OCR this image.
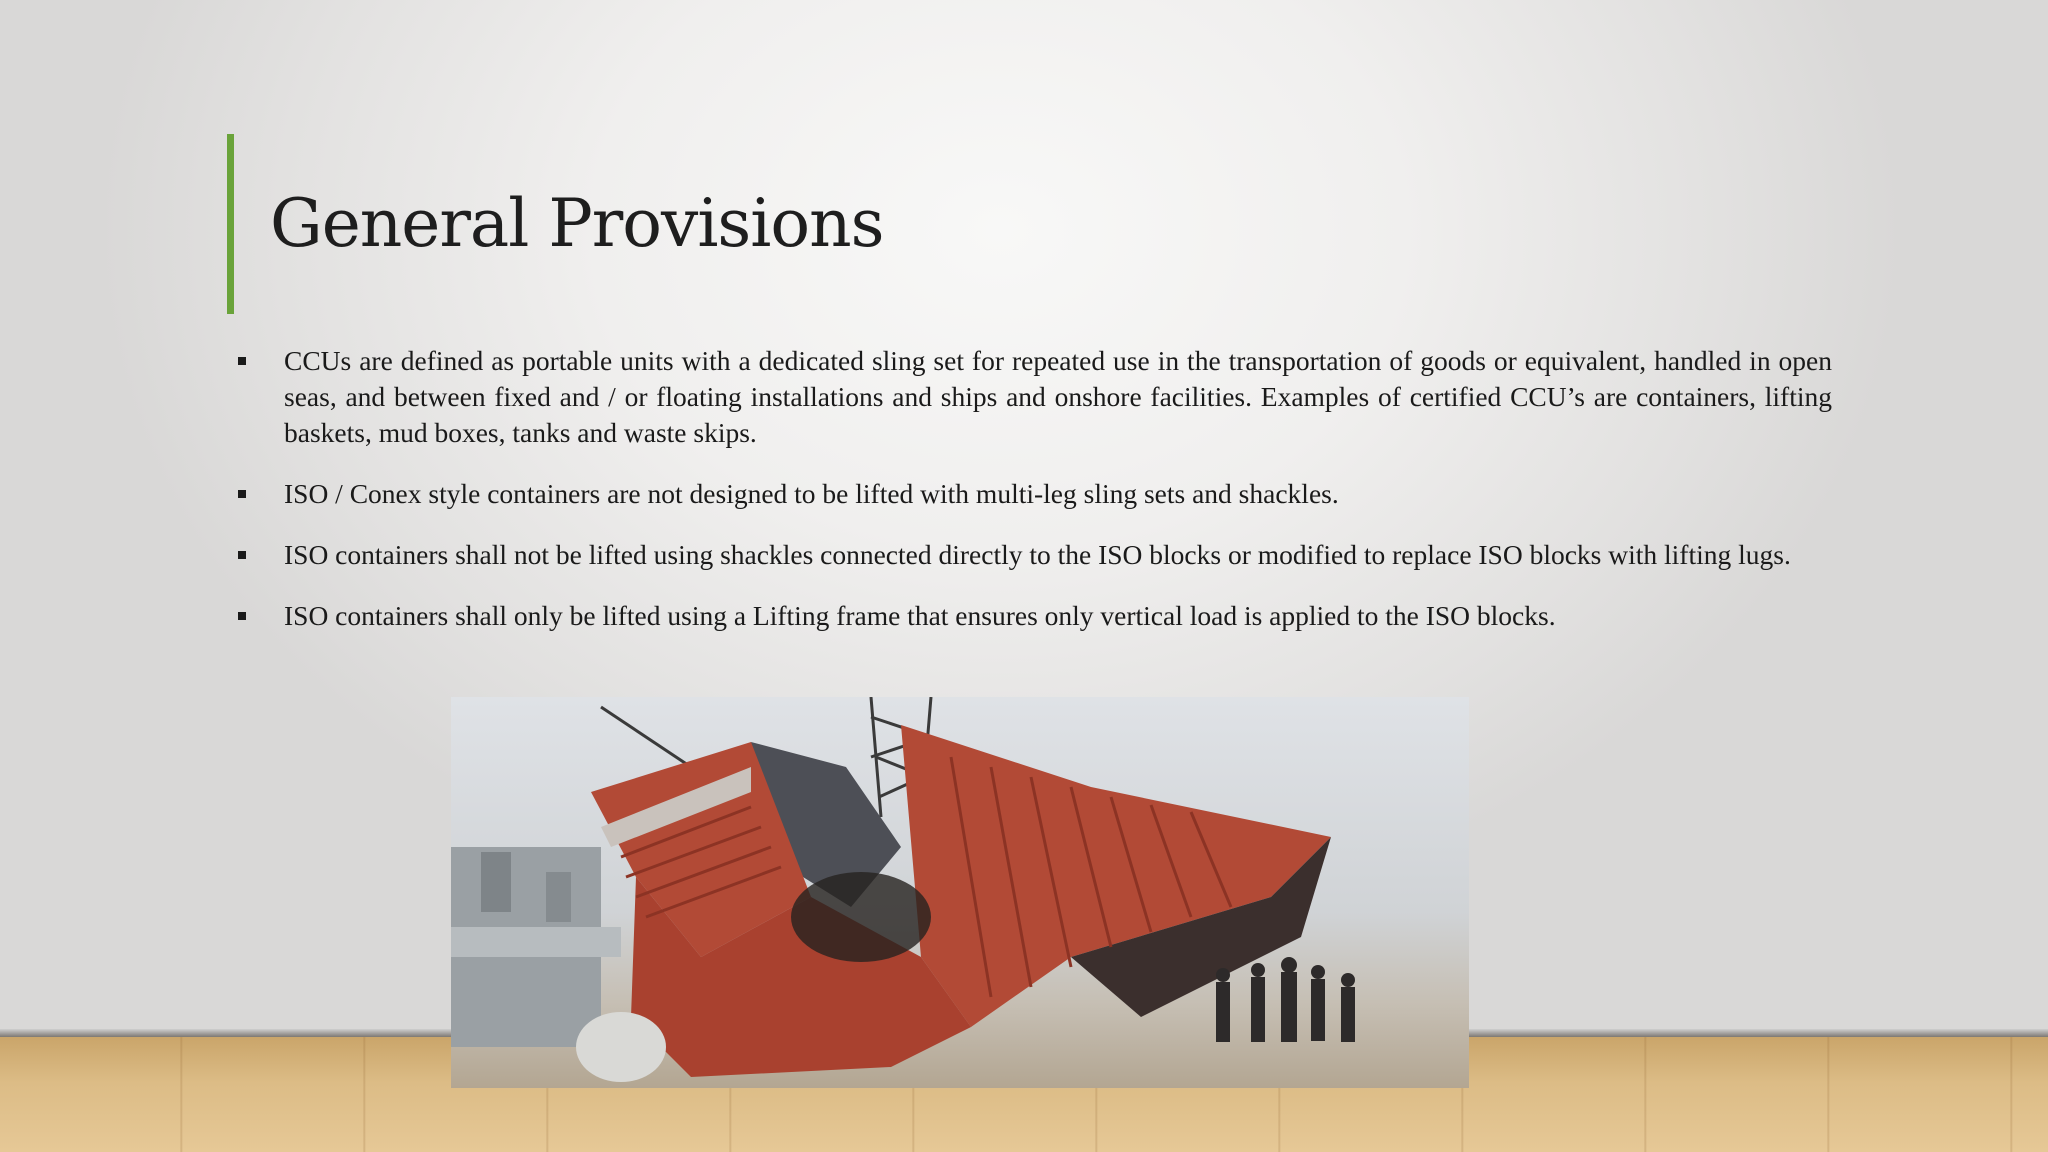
General Provisions
CCUs are defined as portable units with a dedicated sling set for repeated use in the transportation of goods or equivalent, handled in open seas, and between fixed and / or floating installations and ships and onshore facilities. Examples of certified CCU’s are containers, lifting baskets, mud boxes, tanks and waste skips.
ISO / Conex style containers are not designed to be lifted with multi-leg sling sets and shackles.
ISO containers shall not be lifted using shackles connected directly to the ISO blocks or modified to replace ISO blocks with lifting lugs.
ISO containers shall only be lifted using a Lifting frame that ensures only vertical load is applied to the ISO blocks.
